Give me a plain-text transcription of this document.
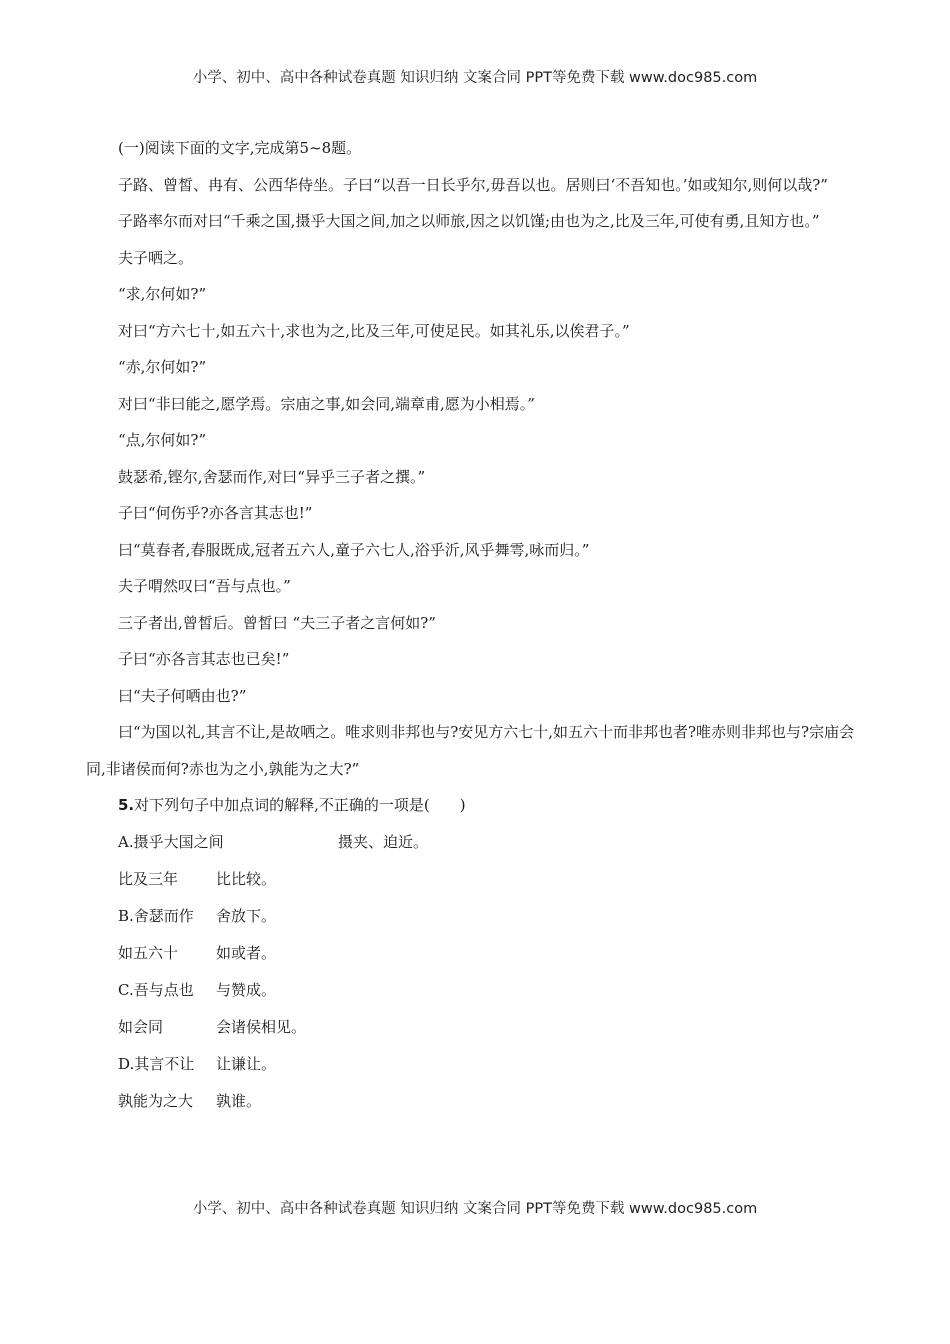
小学、初中、高中各种试卷真题 知识归纳 文案合同 PPT等免费下载 www.doc985.com

(一)阅读下面的文字,完成第5~8题。

子路、曾皙、冉有、公西华侍坐。子曰“以吾一日长乎尔,毋吾以也。居则曰‘不吾知也。’如或知尔,则何以哉?”

子路率尔而对曰“千乘之国,摄乎大国之间,加之以师旅,因之以饥馑;由也为之,比及三年,可使有勇,且知方也。”

夫子哂之。

“求,尔何如?”

对曰“方六七十,如五六十,求也为之,比及三年,可使足民。如其礼乐,以俟君子。”

“赤,尔何如?”

对曰“非曰能之,愿学焉。宗庙之事,如会同,端章甫,愿为小相焉。”

“点,尔何如?”

鼓瑟希,铿尔,舍瑟而作,对曰“异乎三子者之撰。”

子曰“何伤乎?亦各言其志也!”

曰“莫春者,春服既成,冠者五六人,童子六七人,浴乎沂,风乎舞雩,咏而归。”

夫子喟然叹曰“吾与点也。”

三子者出,曾皙后。曾皙曰 “夫三子者之言何如?”

子曰“亦各言其志也已矣!”

曰“夫子何哂由也?”

曰“为国以礼,其言不让,是故哂之。唯求则非邦也与?安见方六七十,如五六十而非邦也者?唯赤则非邦也与?宗庙会同,非诸侯而何?赤也为之小,孰能为之大?”

5.对下列句子中加点词的解释,不正确的一项是(　　)

A.摄乎大国之间	摄夹、迫近。

比及三年	比比较。

B.舍瑟而作 舍放下。

如五六十	如或者。

C.吾与点也 与赞成。

如会同	会诸侯相见。

D.其言不让 让谦让。

孰能为之大 孰谁。

小学、初中、高中各种试卷真题 知识归纳 文案合同 PPT等免费下载 www.doc985.com
